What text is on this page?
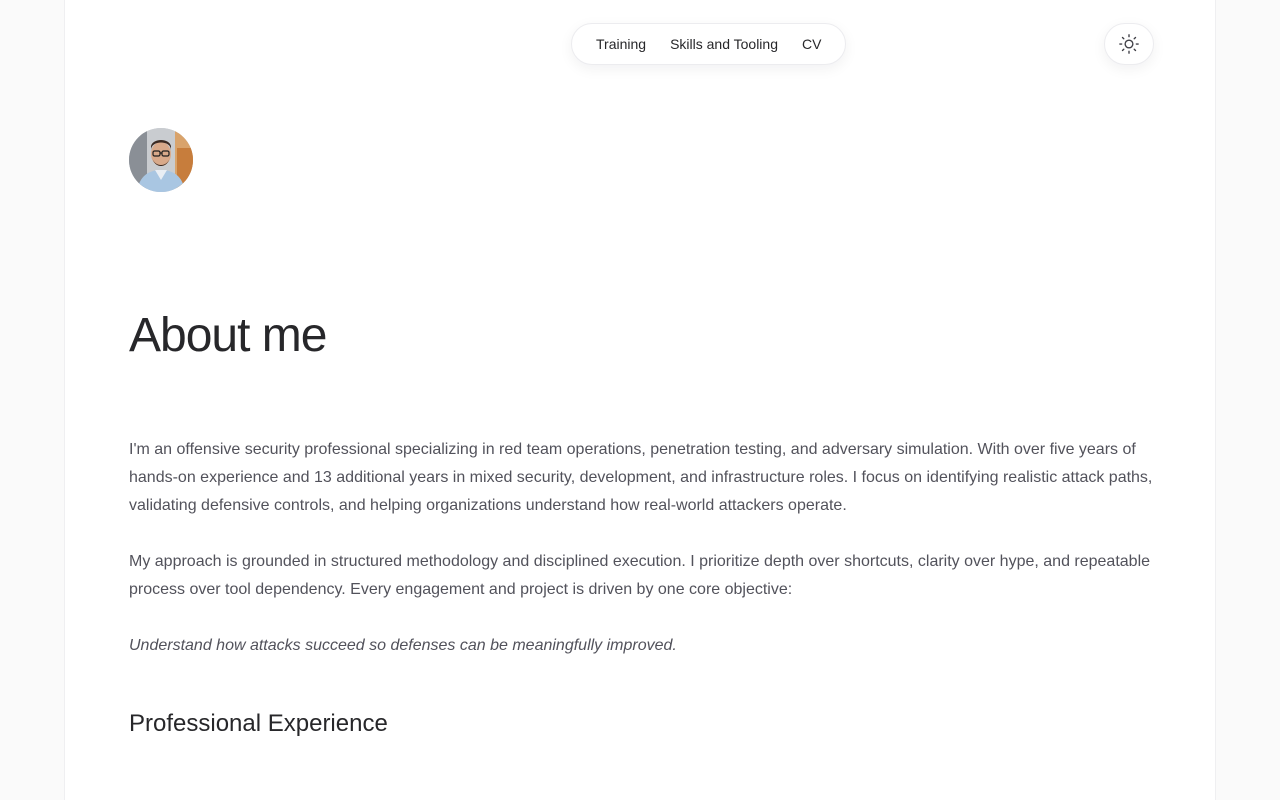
Training	Skills and Tooling	CV
About me

I'm an offensive security professional specializing in red team operations, penetration testing, and adversary simulation. With over five years of hands-on experience and 13 additional years in mixed security, development, and infrastructure roles. I focus on identifying realistic attack paths, validating defensive controls, and helping organizations understand how real-world attackers operate.

My approach is grounded in structured methodology and disciplined execution. I prioritize depth over shortcuts, clarity over hype, and repeatable process over tool dependency. Every engagement and project is driven by one core objective:

Understand how attacks succeed so defenses can be meaningfully improved.

Professional Experience
